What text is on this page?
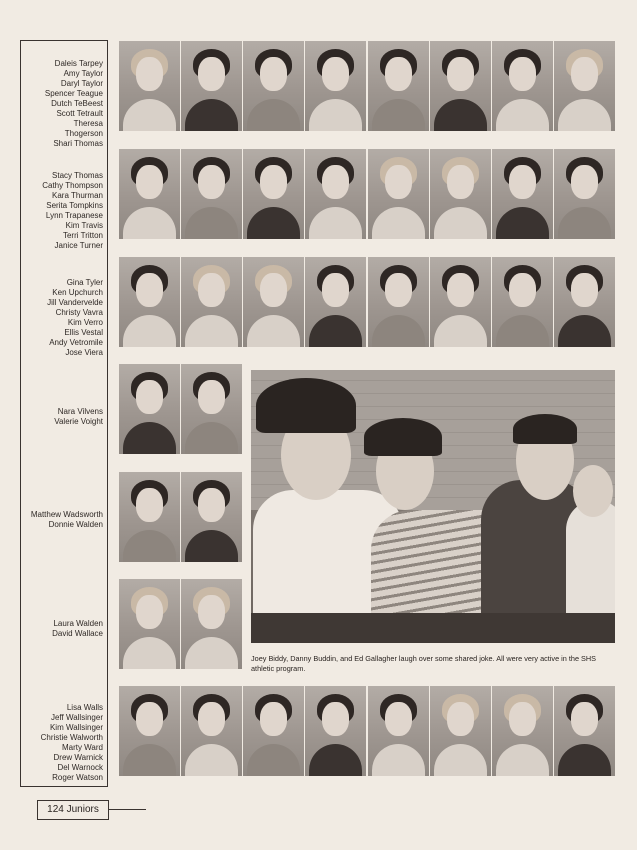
Daleis Tarpey
Amy Taylor
Daryl Taylor
Spencer Teague
Dutch TeBeest
Scott Tetrault
Theresa
Thogerson
Shari Thomas
Stacy Thomas
Cathy Thompson
Kara Thurman
Serita Tompkins
Lynn Trapanese
Kim Travis
Terri Tritton
Janice Turner
Gina Tyler
Ken Upchurch
Jill Vandervelde
Christy Vavra
Kim Verro
Ellis Vestal
Andy Vetromile
Jose Viera
Nara Vilvens
Valerie Voight
Matthew Wadsworth
Donnie Walden
Laura Walden
David Wallace
Lisa Walls
Jeff Wallsinger
Kim Wallsinger
Christie Walworth
Marty Ward
Drew Warnick
Del Warnock
Roger Watson
Joey Biddy, Danny Buddin, and Ed Gallagher laugh over some shared joke. All were very active in the SHS athletic program.
124 Juniors
